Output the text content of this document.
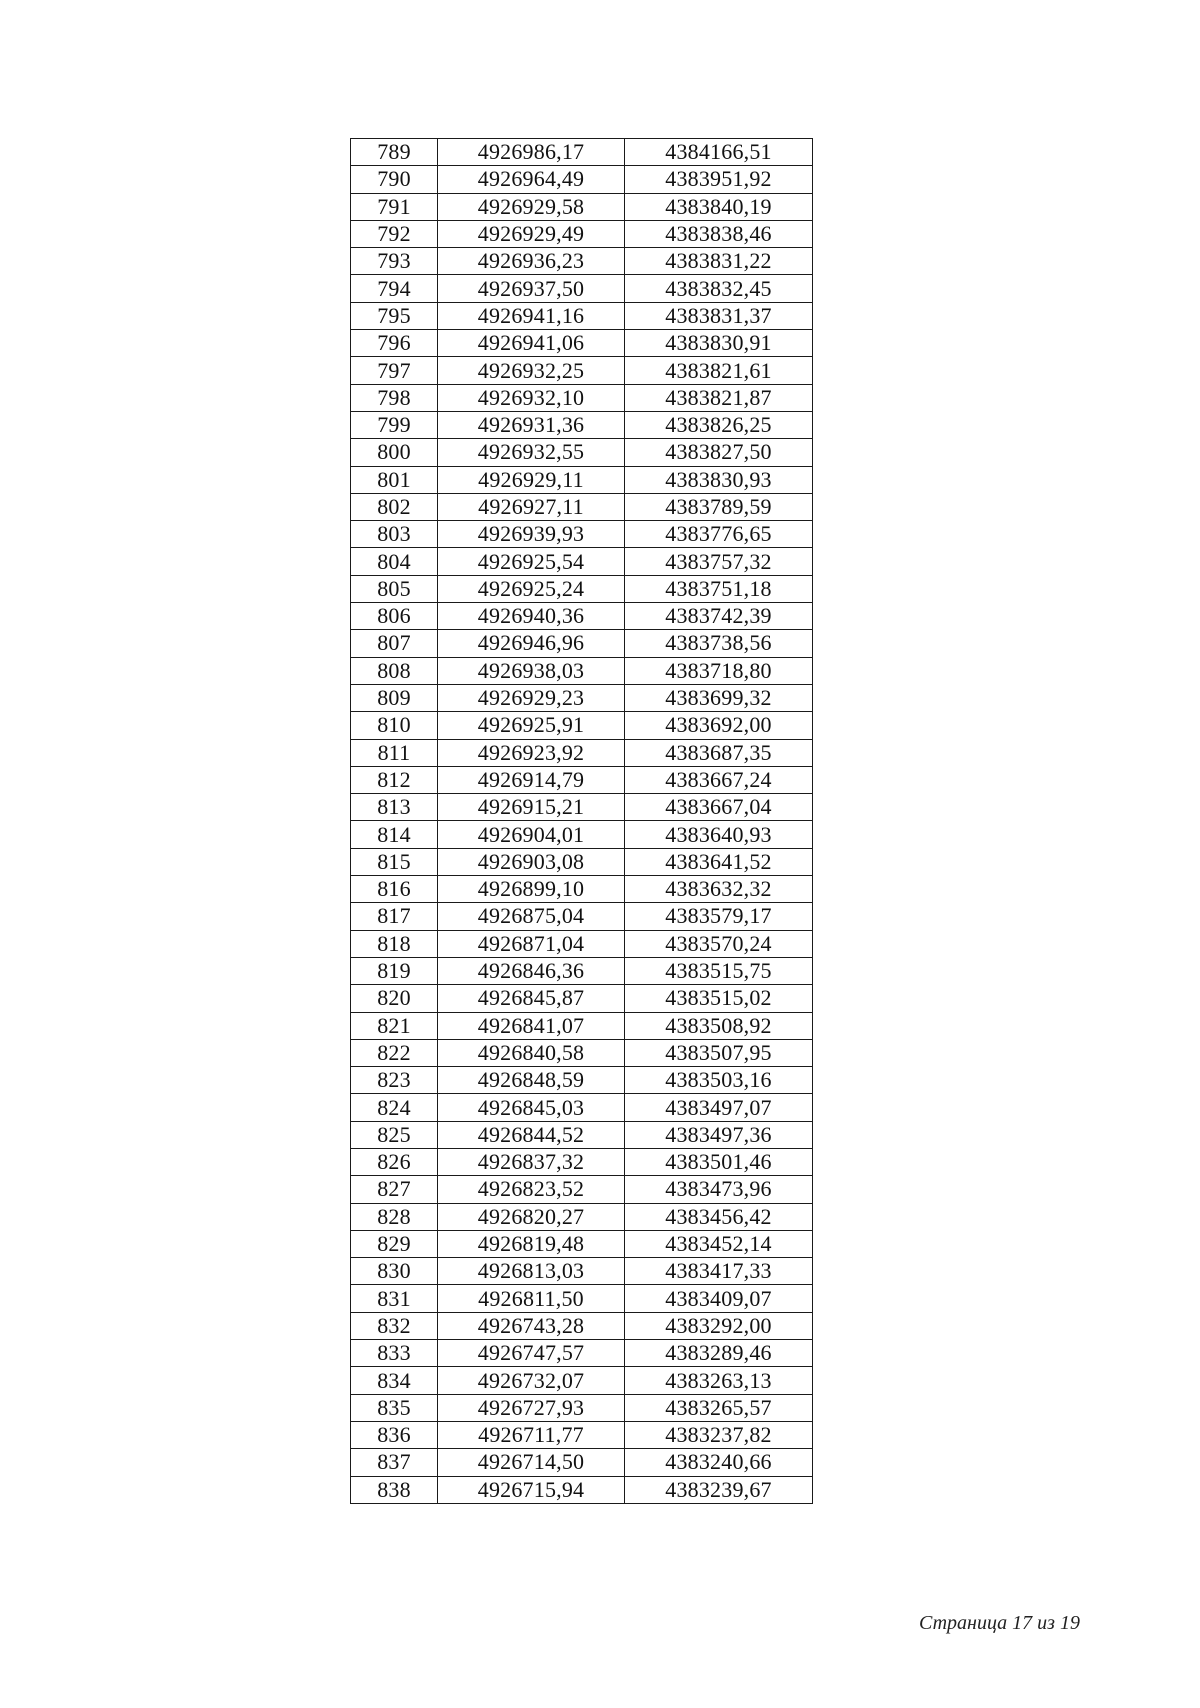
789	4926986,17	4384166,51
790	4926964,49	4383951,92
791	4926929,58	4383840,19
792	4926929,49	4383838,46
793	4926936,23	4383831,22
794	4926937,50	4383832,45
795	4926941,16	4383831,37
796	4926941,06	4383830,91
797	4926932,25	4383821,61
798	4926932,10	4383821,87
799	4926931,36	4383826,25
800	4926932,55	4383827,50
801	4926929,11	4383830,93
802	4926927,11	4383789,59
803	4926939,93	4383776,65
804	4926925,54	4383757,32
805	4926925,24	4383751,18
806	4926940,36	4383742,39
807	4926946,96	4383738,56
808	4926938,03	4383718,80
809	4926929,23	4383699,32
810	4926925,91	4383692,00
811	4926923,92	4383687,35
812	4926914,79	4383667,24
813	4926915,21	4383667,04
814	4926904,01	4383640,93
815	4926903,08	4383641,52
816	4926899,10	4383632,32
817	4926875,04	4383579,17
818	4926871,04	4383570,24
819	4926846,36	4383515,75
820	4926845,87	4383515,02
821	4926841,07	4383508,92
822	4926840,58	4383507,95
823	4926848,59	4383503,16
824	4926845,03	4383497,07
825	4926844,52	4383497,36
826	4926837,32	4383501,46
827	4926823,52	4383473,96
828	4926820,27	4383456,42
829	4926819,48	4383452,14
830	4926813,03	4383417,33
831	4926811,50	4383409,07
832	4926743,28	4383292,00
833	4926747,57	4383289,46
834	4926732,07	4383263,13
835	4926727,93	4383265,57
836	4926711,77	4383237,82
837	4926714,50	4383240,66
838	4926715,94	4383239,67
Страница 17 из 19
